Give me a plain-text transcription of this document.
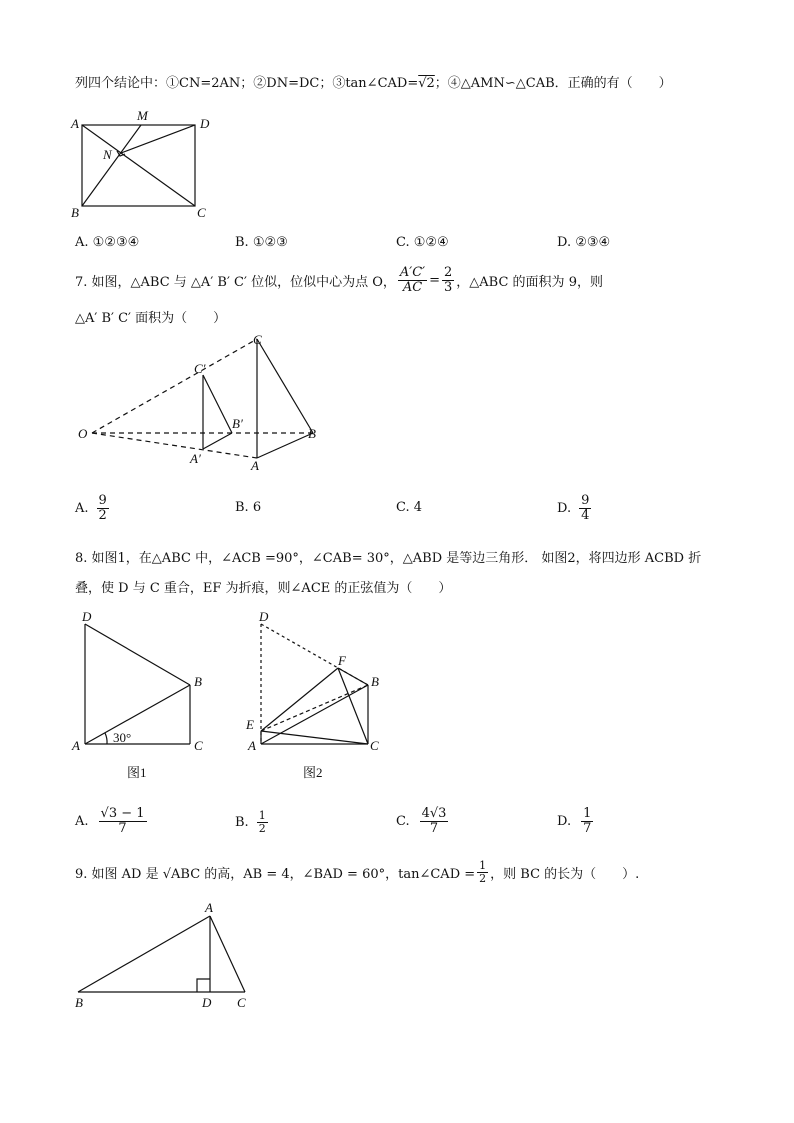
列四个结论中：①CN=2AN；②DN=DC；③tan∠CAD=√2；④△AMN∽△CAB．正确的有（　　）
A
M
D
N
B	C
A. ①②③④	B. ①②③	C. ①②④	D. ②③④
7. 如图，△ABC 与 △A′ B′ C′ 位似，位似中心为点 O， $\frac{A'C'}{AC} = \frac{2}{3}$ ，△ABC 的面积为 9，则
△A′ B′ C′ 面积为（　　）
O
C
C′
B′
B
A′	A
A. $\frac{9}{2}$	B. 6	C. 4	D. $\frac{9}{4}$
8. 如图1，在△ABC 中，∠ACB =90°，∠CAB= 30°，△ABD 是等边三角形． 如图2，将四边形 ACBD 折
叠，使 D 与 C 重合，EF 为折痕，则∠ACE 的正弦值为（　　）
D
B
A	C
30°
图1
D
F
B
E
A	C
图2
A. $\frac{√3 - 1}{7}$	B. $\frac{1}{2}$	C. $\frac{4√3}{7}$	D. $\frac{1}{7}$
9. 如图 AD 是 √ABC 的高，AB = 4，∠BAD = 60°，tan∠CAD = $\frac{1}{2}$ ，则 BC 的长为（　　）.
A
B	D C
